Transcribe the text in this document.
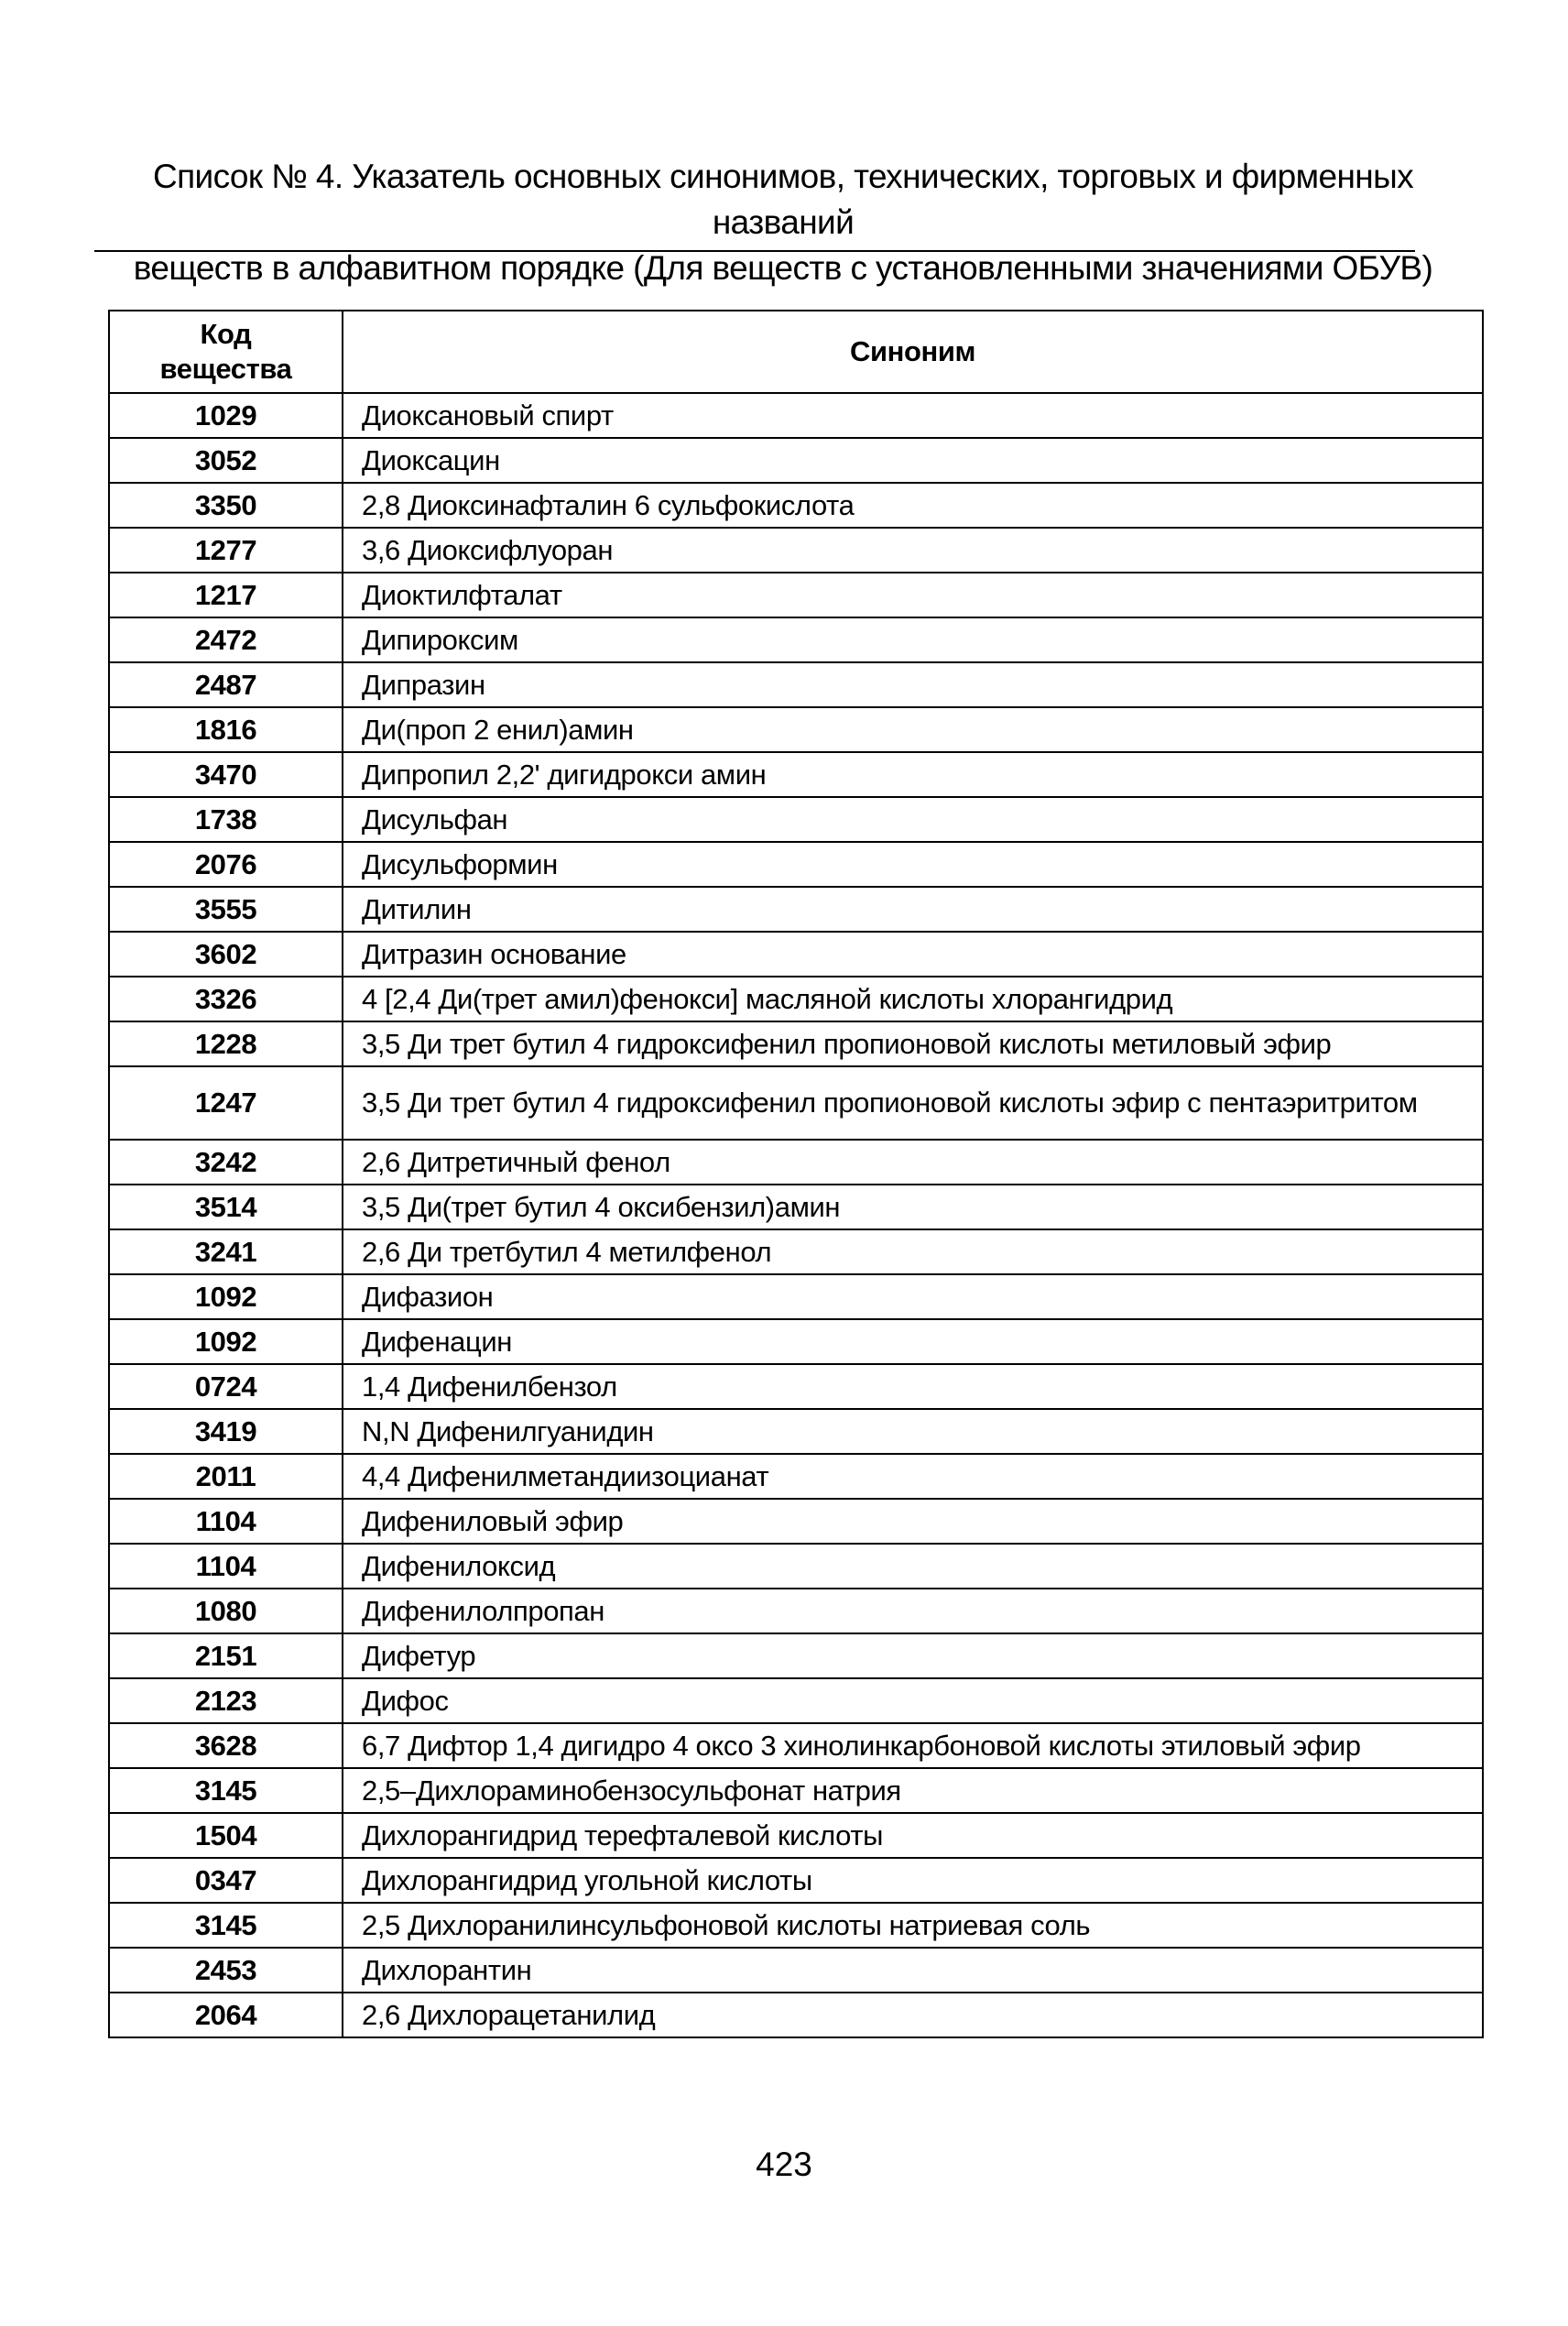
Список № 4. Указатель основных синонимов, технических, торговых и фирменных названий
веществ в алфавитном порядке (Для веществ с установленными значениями ОБУВ)
Код
вещества	Синоним
1029	Диоксановый спирт
3052	Диоксацин
3350	2,8 Диоксинафталин 6 сульфокислота
1277	3,6 Диоксифлуоран
1217	Диоктилфталат
2472	Дипироксим
2487	Дипразин
1816	Ди(проп 2 енил)амин
3470	Дипропил 2,2' дигидрокси амин
1738	Дисульфан
2076	Дисульформин
3555	Дитилин
3602	Дитразин основание
3326	4 [2,4 Ди(трет амил)фенокси] масляной кислоты хлорангидрид
1228	3,5 Ди трет бутил 4 гидроксифенил пропионовой кислоты метиловый эфир
1247	3,5 Ди трет бутил 4 гидроксифенил пропионовой кислоты эфир с пентаэритритом
3242	2,6 Дитретичный фенол
3514	3,5 Ди(трет бутил 4 оксибензил)амин
3241	2,6 Ди третбутил 4 метилфенол
1092	Дифазион
1092	Дифенацин
0724	1,4 Дифенилбензол
3419	N,N Дифенилгуанидин
2011	4,4 Дифенилметандиизоцианат
1104	Дифениловый эфир
1104	Дифенилоксид
1080	Дифенилолпропан
2151	Дифетур
2123	Дифос
3628	6,7 Дифтор 1,4 дигидро 4 оксо 3 хинолинкарбоновой кислоты этиловый эфир
3145	2,5–Дихлораминобензосульфонат натрия
1504	Дихлорангидрид терефталевой кислоты
0347	Дихлорангидрид угольной кислоты
3145	2,5 Дихлоранилинсульфоновой кислоты натриевая соль
2453	Дихлорантин
2064	2,6 Дихлорацетанилид
423
